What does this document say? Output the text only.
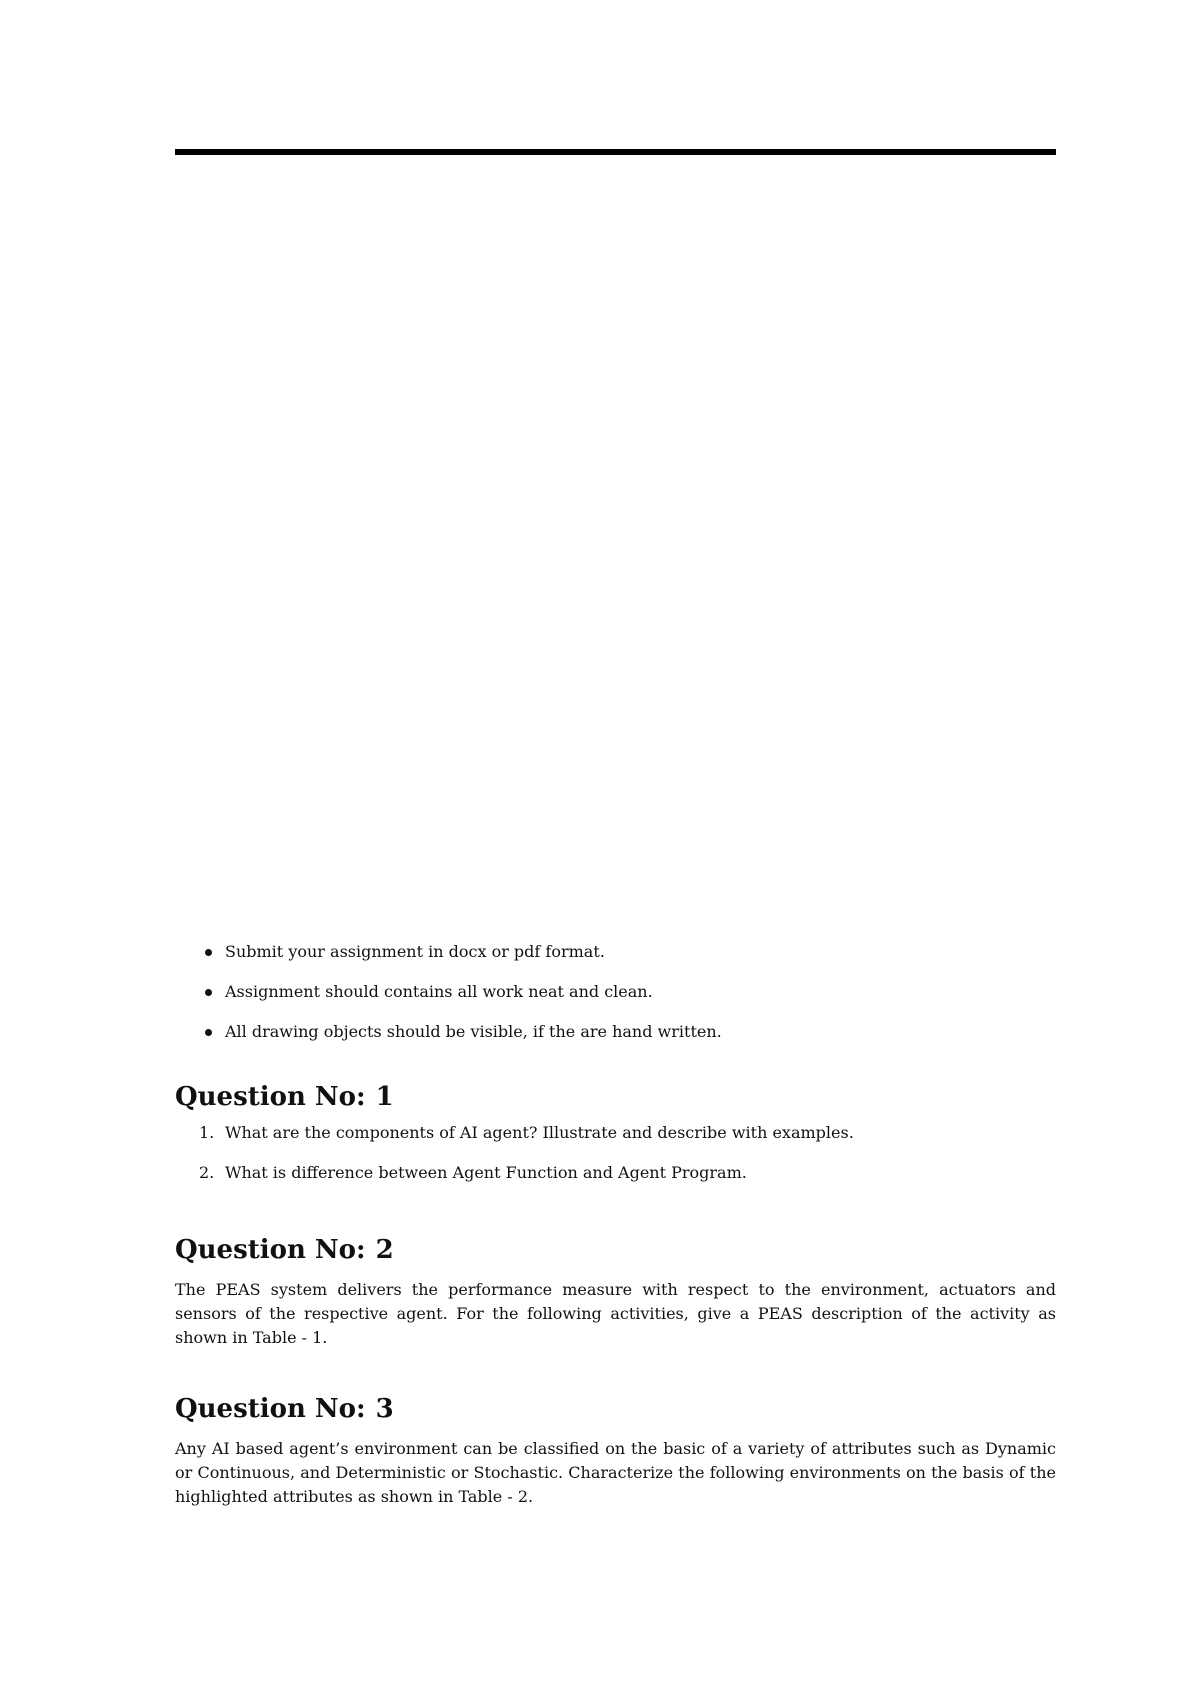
Submit your assignment in docx or pdf format.
Assignment should contains all work neat and clean.
All drawing objects should be visible, if the are hand written.
Question No: 1
1. What are the components of AI agent? Illustrate and describe with examples.
2. What is difference between Agent Function and Agent Program.
Question No: 2

The PEAS system delivers the performance measure with respect to the environment, actuators and sensors of the respective agent. For the following activities, give a PEAS description of the activity as shown in Table - 1.

Question No: 3

Any AI based agent’s environment can be classified on the basic of a variety of attributes such as Dynamic or Continuous, and Deterministic or Stochastic. Characterize the following environments on the basis of the highlighted attributes as shown in Table - 2.
